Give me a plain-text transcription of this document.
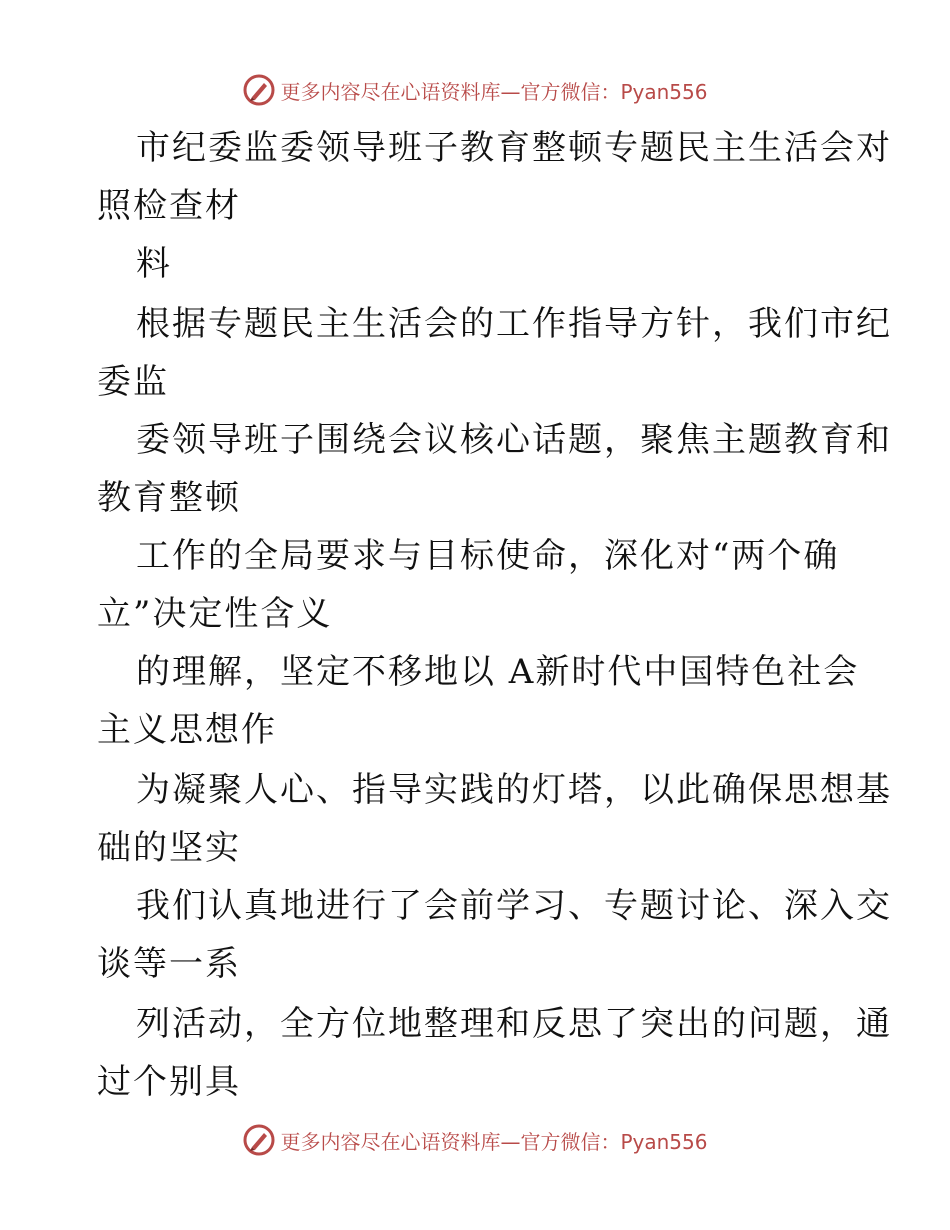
更多内容尽在心语资料库—官方微信：Pyan556
市纪委监委领导班子教育整顿专题民主生活会对
照检查材
料
根据专题民主生活会的工作指导方针，我们市纪
委监
委领导班子围绕会议核心话题，聚焦主题教育和
教育整顿
工作的全局要求与目标使命，深化对“两个确
立”决定性含义
的理解，坚定不移地以 A新时代中国特色社会
主义思想作
为凝聚人心、指导实践的灯塔，以此确保思想基
础的坚实
我们认真地进行了会前学习、专题讨论、深入交
谈等一系
列活动，全方位地整理和反思了突出的问题，通
过个别具
更多内容尽在心语资料库—官方微信：Pyan556
